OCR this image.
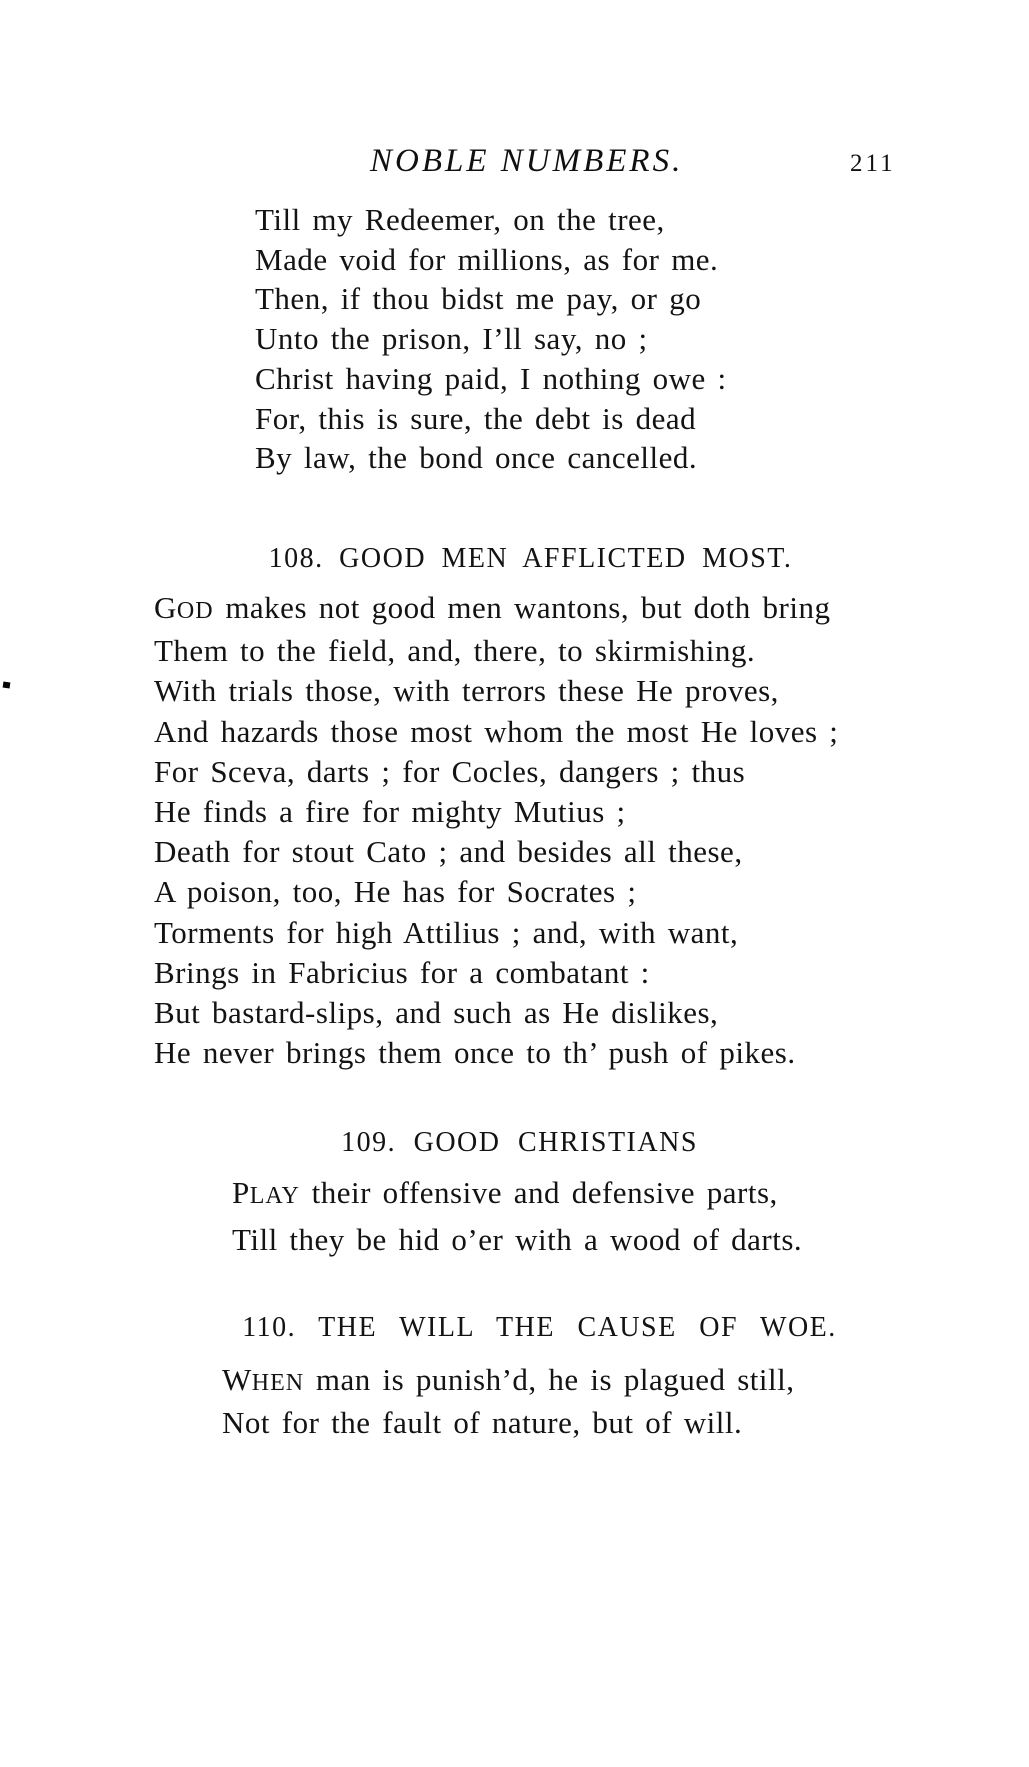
NOBLE NUMBERS.	211
Till my Redeemer, on the tree,
Made void for millions, as for me.
Then, if thou bidst me pay, or go
Unto the prison, I’ll say, no ;
Christ having paid, I nothing owe :
For, this is sure, the debt is dead
By law, the bond once cancelled.
108. GOOD MEN AFFLICTED MOST.
GOD makes not good men wantons, but doth bring
Them to the field, and, there, to skirmishing.
With trials those, with terrors these He proves,
And hazards those most whom the most He loves ;
For Sceva, darts ; for Cocles, dangers ; thus
He finds a fire for mighty Mutius ;
Death for stout Cato ; and besides all these,
A poison, too, He has for Socrates ;
Torments for high Attilius ; and, with want,
Brings in Fabricius for a combatant :
But bastard-slips, and such as He dislikes,
He never brings them once to th’ push of pikes.
109. GOOD CHRISTIANS
PLAY their offensive and defensive parts,
Till they be hid o’er with a wood of darts.
110. THE WILL THE CAUSE OF WOE.
WHEN man is punish’d, he is plagued still,
Not for the fault of nature, but of will.
